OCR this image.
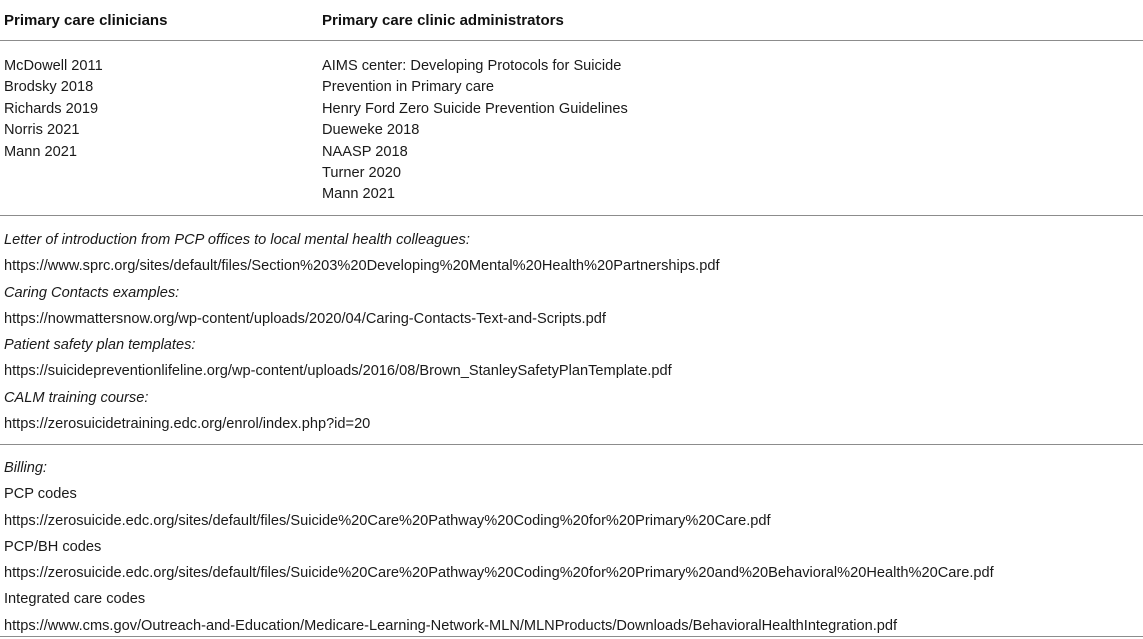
Primary care clinicians	Primary care clinic administrators
McDowell 2011
Brodsky 2018
Richards 2019
Norris 2021
Mann 2021
AIMS center: Developing Protocols for Suicide
Prevention in Primary care
Henry Ford Zero Suicide Prevention Guidelines
Dueweke 2018
NAASP 2018
Turner 2020
Mann 2021
Letter of introduction from PCP offices to local mental health colleagues:
https://www.sprc.org/sites/default/files/Section%203%20Developing%20Mental%20Health%20Partnerships.pdf
Caring Contacts examples:
https://nowmattersnow.org/wp-content/uploads/2020/04/Caring-Contacts-Text-and-Scripts.pdf
Patient safety plan templates:
https://suicidepreventionlifeline.org/wp-content/uploads/2016/08/Brown_StanleySafetyPlanTemplate.pdf
CALM training course:
https://zerosuicidetraining.edc.org/enrol/index.php?id=20
Billing:
PCP codes
https://zerosuicide.edc.org/sites/default/files/Suicide%20Care%20Pathway%20Coding%20for%20Primary%20Care.pdf
PCP/BH codes
https://zerosuicide.edc.org/sites/default/files/Suicide%20Care%20Pathway%20Coding%20for%20Primary%20and%20Behavioral%20Health%20Care.pdf
Integrated care codes
https://www.cms.gov/Outreach-and-Education/Medicare-Learning-Network-MLN/MLNProducts/Downloads/BehavioralHealthIntegration.pdf
